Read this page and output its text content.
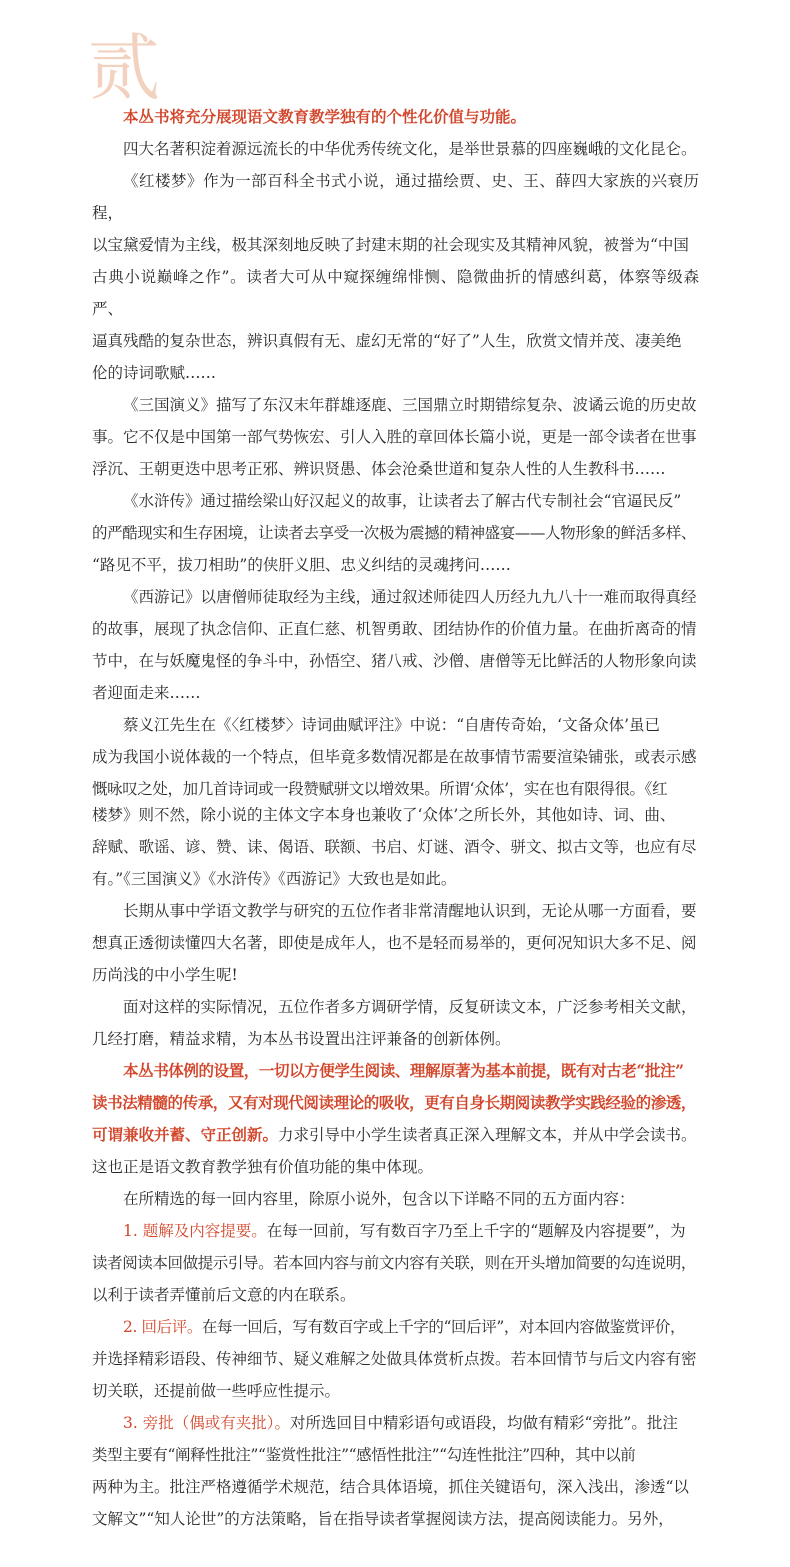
贰

本丛书将充分展现语文教育教学独有的个性化价值与功能。

四大名著积淀着源远流长的中华优秀传统文化，是举世景慕的四座巍峨的文化昆仑。

《红楼梦》作为一部百科全书式小说，通过描绘贾、史、王、薛四大家族的兴衰历程，

以宝黛爱情为主线，极其深刻地反映了封建末期的社会现实及其精神风貌，被誉为“中国

古典小说巅峰之作”。读者大可从中窥探缠绵悱恻、隐微曲折的情感纠葛，体察等级森严、

逼真残酷的复杂世态，辨识真假有无、虚幻无常的“好了”人生，欣赏文情并茂、凄美绝

伦的诗词歌赋……

《三国演义》描写了东汉末年群雄逐鹿、三国鼎立时期错综复杂、波谲云诡的历史故

事。它不仅是中国第一部气势恢宏、引人入胜的章回体长篇小说，更是一部令读者在世事

浮沉、王朝更迭中思考正邪、辨识贤愚、体会沧桑世道和复杂人性的人生教科书……

《水浒传》通过描绘梁山好汉起义的故事，让读者去了解古代专制社会“官逼民反”

的严酷现实和生存困境，让读者去享受一次极为震撼的精神盛宴——人物形象的鲜活多样、

“路见不平，拔刀相助”的侠肝义胆、忠义纠结的灵魂拷问……

《西游记》以唐僧师徒取经为主线，通过叙述师徒四人历经九九八十一难而取得真经

的故事，展现了执念信仰、正直仁慈、机智勇敢、团结协作的价值力量。在曲折离奇的情

节中，在与妖魔鬼怪的争斗中，孙悟空、猪八戒、沙僧、唐僧等无比鲜活的人物形象向读

者迎面走来……

蔡义江先生在《〈红楼梦〉诗词曲赋评注》中说：“自唐传奇始，‘文备众体’虽已

成为我国小说体裁的一个特点，但毕竟多数情况都是在故事情节需要渲染铺张，或表示感

慨咏叹之处，加几首诗词或一段赞赋骈文以增效果。所谓‘众体’，实在也有限得很。《红

楼梦》则不然，除小说的主体文字本身也兼收了‘众体’之所长外，其他如诗、词、曲、

辞赋、歌谣、谚、赞、诔、偈语、联额、书启、灯谜、酒令、骈文、拟古文等，也应有尽

有。”《三国演义》《水浒传》《西游记》大致也是如此。

长期从事中学语文教学与研究的五位作者非常清醒地认识到，无论从哪一方面看，要

想真正透彻读懂四大名著，即使是成年人，也不是轻而易举的，更何况知识大多不足、阅

历尚浅的中小学生呢!

面对这样的实际情况，五位作者多方调研学情，反复研读文本，广泛参考相关文献，

几经打磨，精益求精，为本丛书设置出注评兼备的创新体例。

本丛书体例的设置，一切以方便学生阅读、理解原著为基本前提，既有对古老“批注”

读书法精髓的传承，又有对现代阅读理论的吸收，更有自身长期阅读教学实践经验的渗透，

可谓兼收并蓄、守正创新。力求引导中小学生读者真正深入理解文本，并从中学会读书。

这也正是语文教育教学独有价值功能的集中体现。

在所精选的每一回内容里，除原小说外，包含以下详略不同的五方面内容：

1. 题解及内容提要。在每一回前，写有数百字乃至上千字的“题解及内容提要”，为

读者阅读本回做提示引导。若本回内容与前文内容有关联，则在开头增加简要的勾连说明，

以利于读者弄懂前后文意的内在联系。

2. 回后评。在每一回后，写有数百字或上千字的“回后评”，对本回内容做鉴赏评价，

并选择精彩语段、传神细节、疑义难解之处做具体赏析点拨。若本回情节与后文内容有密

切关联，还提前做一些呼应性提示。

3. 旁批（偶或有夹批）。对所选回目中精彩语句或语段，均做有精彩“旁批”。批注

类型主要有“阐释性批注”“鉴赏性批注”“感悟性批注”“勾连性批注”四种，其中以前

两种为主。批注严格遵循学术规范，结合具体语境，抓住关键语句，深入浅出，渗透“以

文解文”“知人论世”的方法策略，旨在指导读者掌握阅读方法，提高阅读能力。另外，
